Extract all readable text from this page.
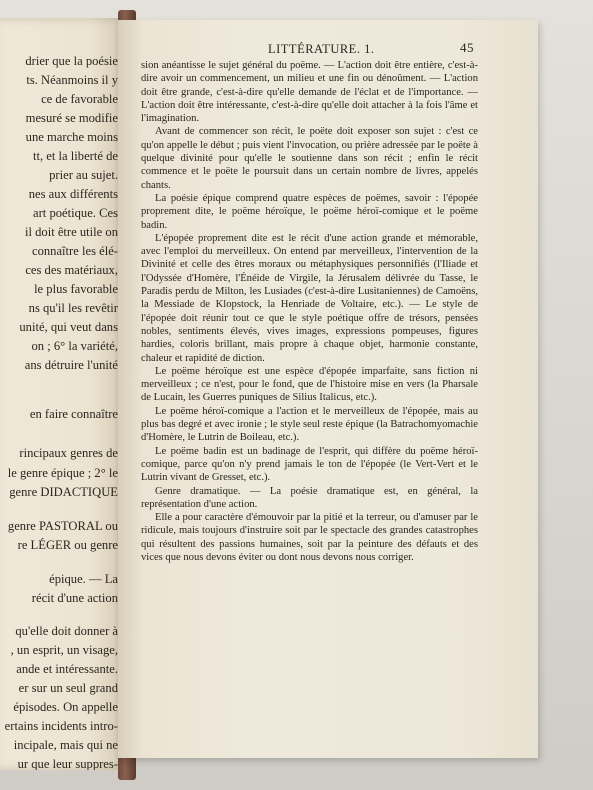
drier que la poésie
ts. Néanmoins il y
ce de favorable
mesuré se modifie
une marche moins
tt, et la liberté de
prier au sujet.
nes aux différents
art poétique. Ces
il doit être utile on
connaître les élé-
ces des matériaux,
le plus favorable
ns qu'il les revêtir
unité, qui veut dans
on ; 6° la variété,
ans détruire l'unité
en faire connaître
rincipaux genres de
le genre épique ; 2° le
genre DIDACTIQUE
genre PASTORAL ou
re LÉGER ou genre
épique. — La
récit d'une action
qu'elle doit donner à
, un esprit, un visage,
ande et intéressante.
er sur un seul grand
épisodes. On appelle
ertains incidents intro-
incipale, mais qui ne
ur que leur suppres-
LITTÉRATURE. 1.	45

sion anéantisse le sujet général du poëme. — L'action doit être entière, c'est-à-dire avoir un commencement, un milieu et une fin ou dénoûment. — L'action doit être grande, c'est-à-dire qu'elle demande de l'éclat et de l'importance. — L'action doit être intéressante, c'est-à-dire qu'elle doit attacher à la fois l'âme et l'imagination.

Avant de commencer son récit, le poëte doit exposer son sujet : c'est ce qu'on appelle le début ; puis vient l'invocation, ou prière adressée par le poëte à quelque divinité pour qu'elle le soutienne dans son récit ; enfin le récit commence et le poëte le poursuit dans un certain nombre de livres, appelés chants.

La poésie épique comprend quatre espèces de poëmes, savoir : l'épopée proprement dite, le poëme héroïque, le poëme héroï-comique et le poëme badin.

L'épopée proprement dite est le récit d'une action grande et mémorable, avec l'emploi du merveilleux. On entend par merveilleux, l'intervention de la Divinité et celle des êtres moraux ou métaphysiques personnifiés (l'Iliade et l'Odyssée d'Homère, l'Énéide de Virgile, la Jérusalem délivrée du Tasse, le Paradis perdu de Milton, les Lusiades (c'est-à-dire Lusitaniennes) de Camoëns, la Messiade de Klopstock, la Henriade de Voltaire, etc.). — Le style de l'épopée doit réunir tout ce que le style poétique offre de trésors, pensées nobles, sentiments élevés, vives images, expressions pompeuses, figures hardies, coloris brillant, mais propre à chaque objet, harmonie constante, chaleur et rapidité de diction.

Le poëme héroïque est une espèce d'épopée imparfaite, sans fiction ni merveilleux ; ce n'est, pour le fond, que de l'histoire mise en vers (la Pharsale de Lucain, les Guerres puniques de Silius Italicus, etc.).

Le poëme héroï-comique a l'action et le merveilleux de l'épopée, mais au plus bas degré et avec ironie ; le style seul reste épique (la Batrachomyomachie d'Homère, le Lutrin de Boileau, etc.).

Le poëme badin est un badinage de l'esprit, qui diffère du poëme héroï-comique, parce qu'on n'y prend jamais le ton de l'épopée (le Vert-Vert et le Lutrin vivant de Gresset, etc.).

Genre dramatique. — La poésie dramatique est, en général, la représentation d'une action.

Elle a pour caractère d'émouvoir par la pitié et la terreur, ou d'amuser par le ridicule, mais toujours d'instruire soit par le spectacle des grandes catastrophes qui résultent des passions humaines, soit par la peinture des défauts et des vices que nous devons éviter ou dont nous devons nous corriger.
